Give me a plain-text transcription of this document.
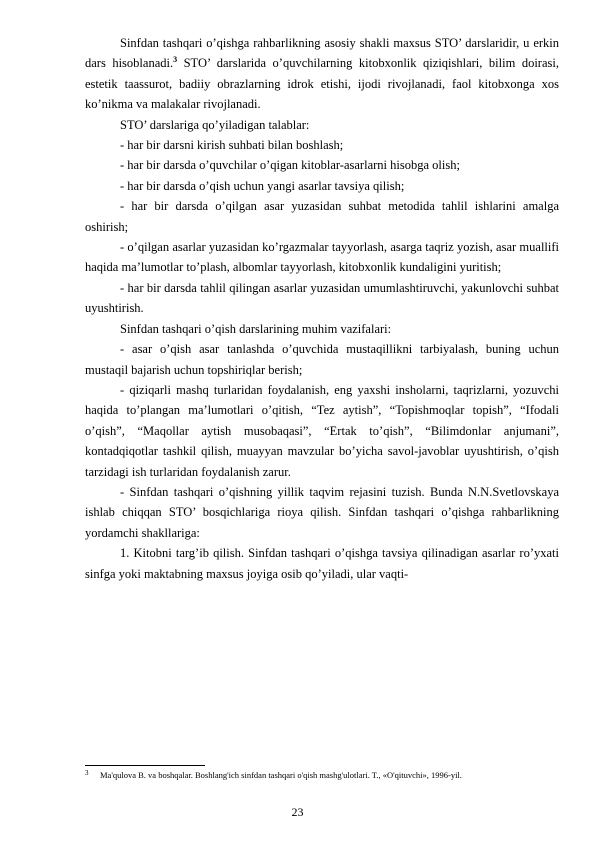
Sinfdan tashqari o’qishga rahbarlikning asosiy shakli maxsus STO’ darslaridir, u erkin dars hisoblanadi.$^3$ STO’ darslarida o’quvchilarning kitobxonlik qiziqishlari, bilim doirasi, estetik taassurot, badiiy obrazlarning idrok etishi, ijodi rivojlanadi, faol kitobxonga xos ko’nikma va malakalar rivojlanadi.

STO’ darslariga qo’yiladigan talablar:

- har bir darsni kirish suhbati bilan boshlash;

- har bir darsda o’quvchilar o’qigan kitoblar-asarlarni hisobga olish;

- har bir darsda o’qish uchun yangi asarlar tavsiya qilish;

- har bir darsda o’qilgan asar yuzasidan suhbat metodida tahlil ishlarini amalga oshirish;

- o’qilgan asarlar yuzasidan ko’rgazmalar tayyorlash, asarga taqriz yozish, asar muallifi haqida ma’lumotlar to’plash, albomlar tayyorlash, kitobxonlik kundaligini yuritish;

- har bir darsda tahlil qilingan asarlar yuzasidan umumlashtiruvchi, yakunlovchi suhbat uyushtirish.

Sinfdan tashqari o’qish darslarining muhim vazifalari:

- asar o’qish asar tanlashda o’quvchida mustaqillikni tarbiyalash, buning uchun mustaqil bajarish uchun topshiriqlar berish;

- qiziqarli mashq turlaridan foydalanish, eng yaxshi insholarni, taqrizlarni, yozuvchi haqida to’plangan ma’lumotlari o’qitish, “Tez aytish”, “Topishmoqlar topish”, “Ifodali o’qish”, “Maqollar aytish musobaqasi”, “Ertak to’qish”, “Bilimdonlar anjumani”, kontadqiqotlar tashkil qilish, muayyan mavzular bo’yicha savol-javoblar uyushtirish, o’qish tarzidagi ish turlaridan foydalanish zarur.

- Sinfdan tashqari o’qishning yillik taqvim rejasini tuzish. Bunda N.N.Svetlovskaya ishlab chiqqan STO’ bosqichlariga rioya qilish. Sinfdan tashqari o’qishga rahbarlikning yordamchi shakllariga:

1. Kitobni targ’ib qilish. Sinfdan tashqari o’qishga tavsiya qilinadigan asarlar ro’yxati sinfga yoki maktabning maxsus joyiga osib qo’yiladi, ular vaqti-

3	Ma'qulova B. va boshqalar. Boshlang'ich sinfdan tashqari o'qish mashg'ulotlari. T., «O'qituvchi», 1996-yil.
23
